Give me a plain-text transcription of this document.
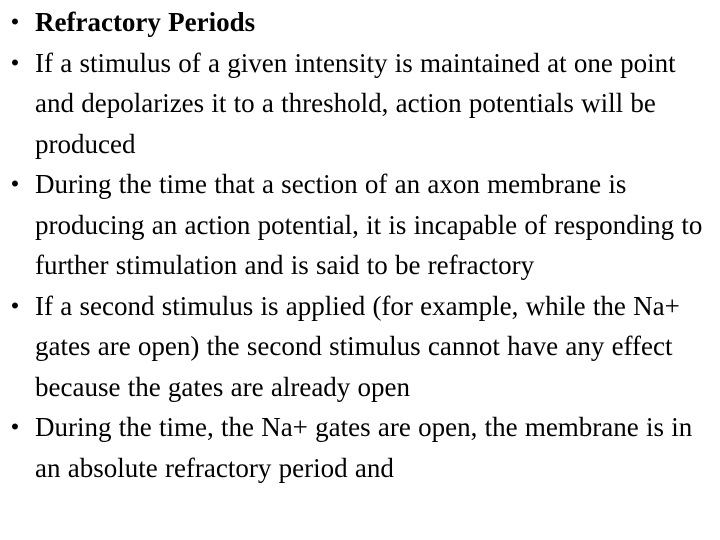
• Refractory Periods
• If a stimulus of a given intensity is maintained at one point and depolarizes it to a threshold, action potentials will be produced
• During the time that a section of an axon membrane is producing an action potential, it is incapable of responding to further stimulation and is said to be refractory
• If a second stimulus is applied (for example, while the Na+ gates are open) the second stimulus cannot have any effect because the gates are already open
• During the time, the Na+ gates are open, the membrane is in an absolute refractory period and
